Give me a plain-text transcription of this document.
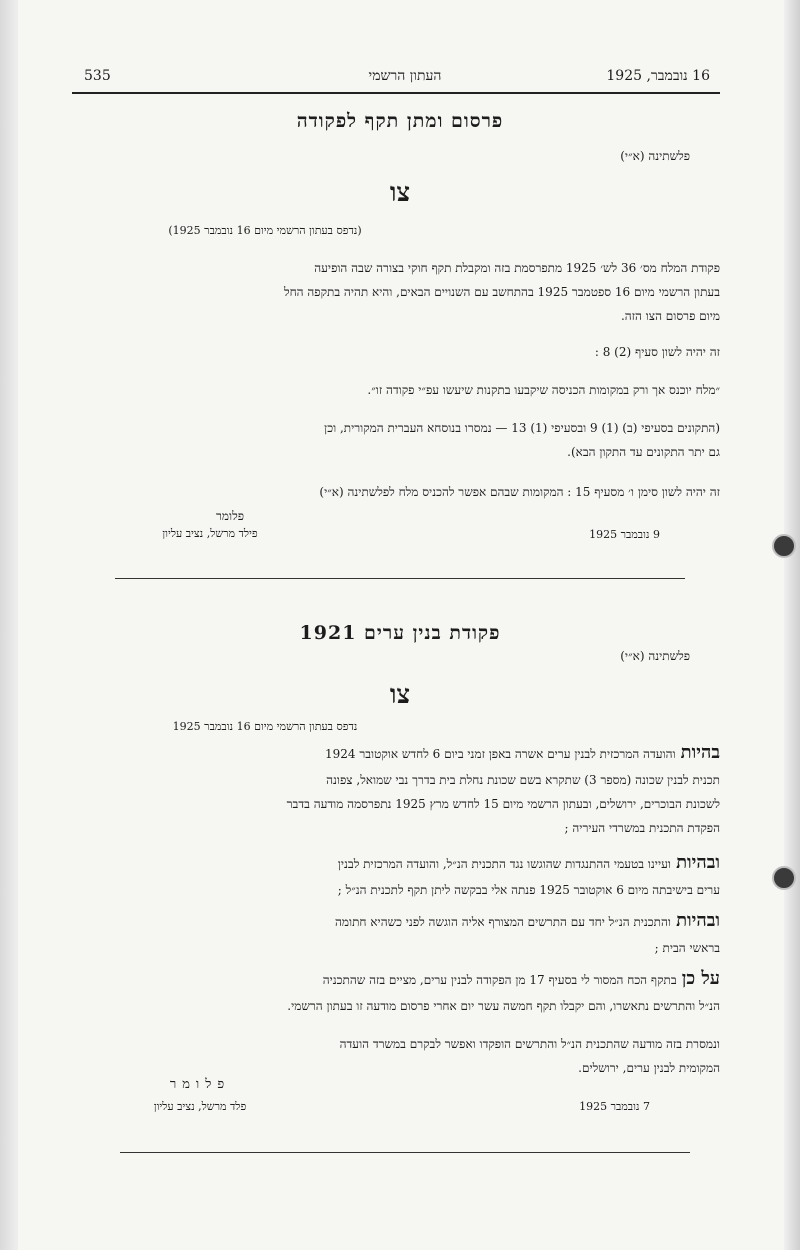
535	העתון הרשמי	16 נובמבר, 1925
פרסום ומתן תקף לפקודה
פלשתינה (א״י)
צו
(נדפס בעתון הרשמי מיום 16 נובמבר 1925)
פקודת המלח מס׳ 36 לש׳ 1925 מתפרסמת בזה ומקבלת תקף חוקי בצורה שבה הופיעה
בעתון הרשמי מיום 16 ספטמבר 1925 בהתחשב עם השנויים הבאים, והיא תהיה בתקפה החל
מיום פרסום הצו הזה.
זה יהיה לשון סעיף (2) 8 :
״מלח יוכנס אך ורק במקומות הכניסה שיקבעו בתקנות שיעשו עפ״י פקודה זו״.
(התקונים בסעיפי (ב) (1) 9 ובסעיפי (1) 13 — נמסרו בנוסחא העברית המקורית, וכן
גם יתר התקונים עד התקון הבא).
זה יהיה לשון סימן ו׳ מסעיף 15 : המקומות שבהם אפשר להכניס מלח לפלשתינה (א״י)
פלומר
פילד מרשל, נציב עליון	9 נובמבר 1925
פקודת בנין ערים 1921
פלשתינה (א״י)
צו
נדפס בעתון הרשמי מיום 16 נובמבר 1925
בהיות והועדה המרכזית לבנין ערים אשרה באפן זמני ביום 6 לחדש אוקטובר 1924
תכנית לבנין שכונה (מספר 3) שתקרא בשם שכונת נחלת בית בדרך נבי שמואל, צפונה
לשכונת הבוכרים, ירושלים, ובעתון הרשמי מיום 15 לחדש מרץ 1925 נתפרסמה מודעה בדבר
הפקדת התכנית במשרדי העיריה ;
ובהיות ועיינו בטעמי ההתנגדות שהוגשו נגד התכנית הנ״ל, והועדה המרכזית לבנין
ערים בישיבתה מיום 6 אוקטובר 1925 פנתה אלי בבקשה ליתן תקף לתכנית הנ״ל ;
ובהיות והתכנית הנ״ל יחד עם התרשים המצורף אליה הוגשה לפני כשהיא חתומה
בראשי הבית ;
על כן בתקף הכח המסור לי בסעיף 17 מן הפקודה לבנין ערים, מציים בזה שהתכניה
הנ״ל והתרשים נתאשרו, והם יקבלו תקף חמשה עשר יום אחרי פרסום מודעה זו בעתון הרשמי.
ונמסרת בזה מודעה שהתכנית הנ״ל והתרשים הופקדו ואפשר לבקרם במשרד הועדה
המקומית לבנין ערים, ירושלים.
פלומר
פלד מרשל, נציב עליון	7 נובמבר 1925
